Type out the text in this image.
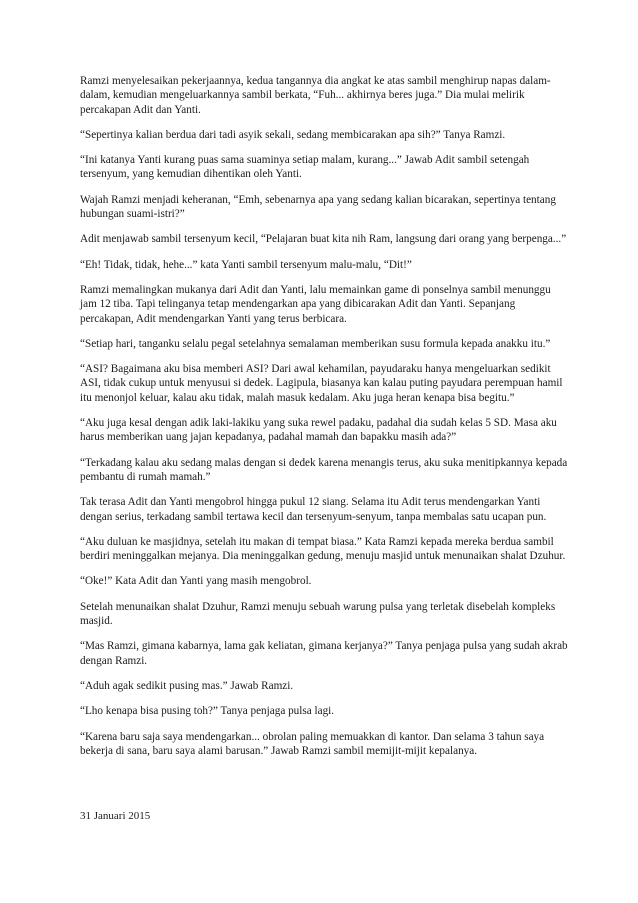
Ramzi menyelesaikan pekerjaannya, kedua tangannya dia angkat ke atas sambil menghirup napas dalam-dalam, kemudian mengeluarkannya sambil berkata, “Fuh... akhirnya beres juga.” Dia mulai melirik percakapan Adit dan Yanti.

“Sepertinya kalian berdua dari tadi asyik sekali, sedang membicarakan apa sih?” Tanya Ramzi.

“Ini katanya Yanti kurang puas sama suaminya setiap malam, kurang...” Jawab Adit sambil setengah tersenyum, yang kemudian dihentikan oleh Yanti.

Wajah Ramzi menjadi keheranan, “Emh, sebenarnya apa yang sedang kalian bicarakan, sepertinya tentang hubungan suami-istri?”

Adit menjawab sambil tersenyum kecil, “Pelajaran buat kita nih Ram, langsung dari orang yang berpenga...”

“Eh! Tidak, tidak, hehe...” kata Yanti sambil tersenyum malu-malu, “Dit!”

Ramzi memalingkan mukanya dari Adit dan Yanti, lalu memainkan game di ponselnya sambil menunggu jam 12 tiba. Tapi telinganya tetap mendengarkan apa yang dibicarakan Adit dan Yanti. Sepanjang percakapan, Adit mendengarkan Yanti yang terus berbicara.

“Setiap hari, tanganku selalu pegal setelahnya semalaman memberikan susu formula kepada anakku itu.”

“ASI? Bagaimana aku bisa memberi ASI? Dari awal kehamilan, payudaraku hanya mengeluarkan sedikit ASI, tidak cukup untuk menyusui si dedek. Lagipula, biasanya kan kalau puting payudara perempuan hamil itu menonjol keluar, kalau aku tidak, malah masuk kedalam. Aku juga heran kenapa bisa begitu.”

“Aku juga kesal dengan adik laki-lakiku yang suka rewel padaku, padahal dia sudah kelas 5 SD. Masa aku harus memberikan uang jajan kepadanya, padahal mamah dan bapakku masih ada?”

“Terkadang kalau aku sedang malas dengan si dedek karena menangis terus, aku suka menitipkannya kepada pembantu di rumah mamah.”

Tak terasa Adit dan Yanti mengobrol hingga pukul 12 siang. Selama itu Adit terus mendengarkan Yanti dengan serius, terkadang sambil tertawa kecil dan tersenyum-senyum, tanpa membalas satu ucapan pun.

“Aku duluan ke masjidnya, setelah itu makan di tempat biasa.” Kata Ramzi kepada mereka berdua sambil berdiri meninggalkan mejanya. Dia meninggalkan gedung, menuju masjid untuk menunaikan shalat Dzuhur.

“Oke!” Kata Adit dan Yanti yang masih mengobrol.

Setelah menunaikan shalat Dzuhur, Ramzi menuju sebuah warung pulsa yang terletak disebelah kompleks masjid.

“Mas Ramzi, gimana kabarnya, lama gak keliatan, gimana kerjanya?” Tanya penjaga pulsa yang sudah akrab dengan Ramzi.

“Aduh agak sedikit pusing mas.” Jawab Ramzi.

“Lho kenapa bisa pusing toh?” Tanya penjaga pulsa lagi.

“Karena baru saja saya mendengarkan... obrolan paling memuakkan di kantor. Dan selama 3 tahun saya bekerja di sana, baru saya alami barusan.” Jawab Ramzi sambil memijit-mijit kepalanya.

31 Januari 2015
